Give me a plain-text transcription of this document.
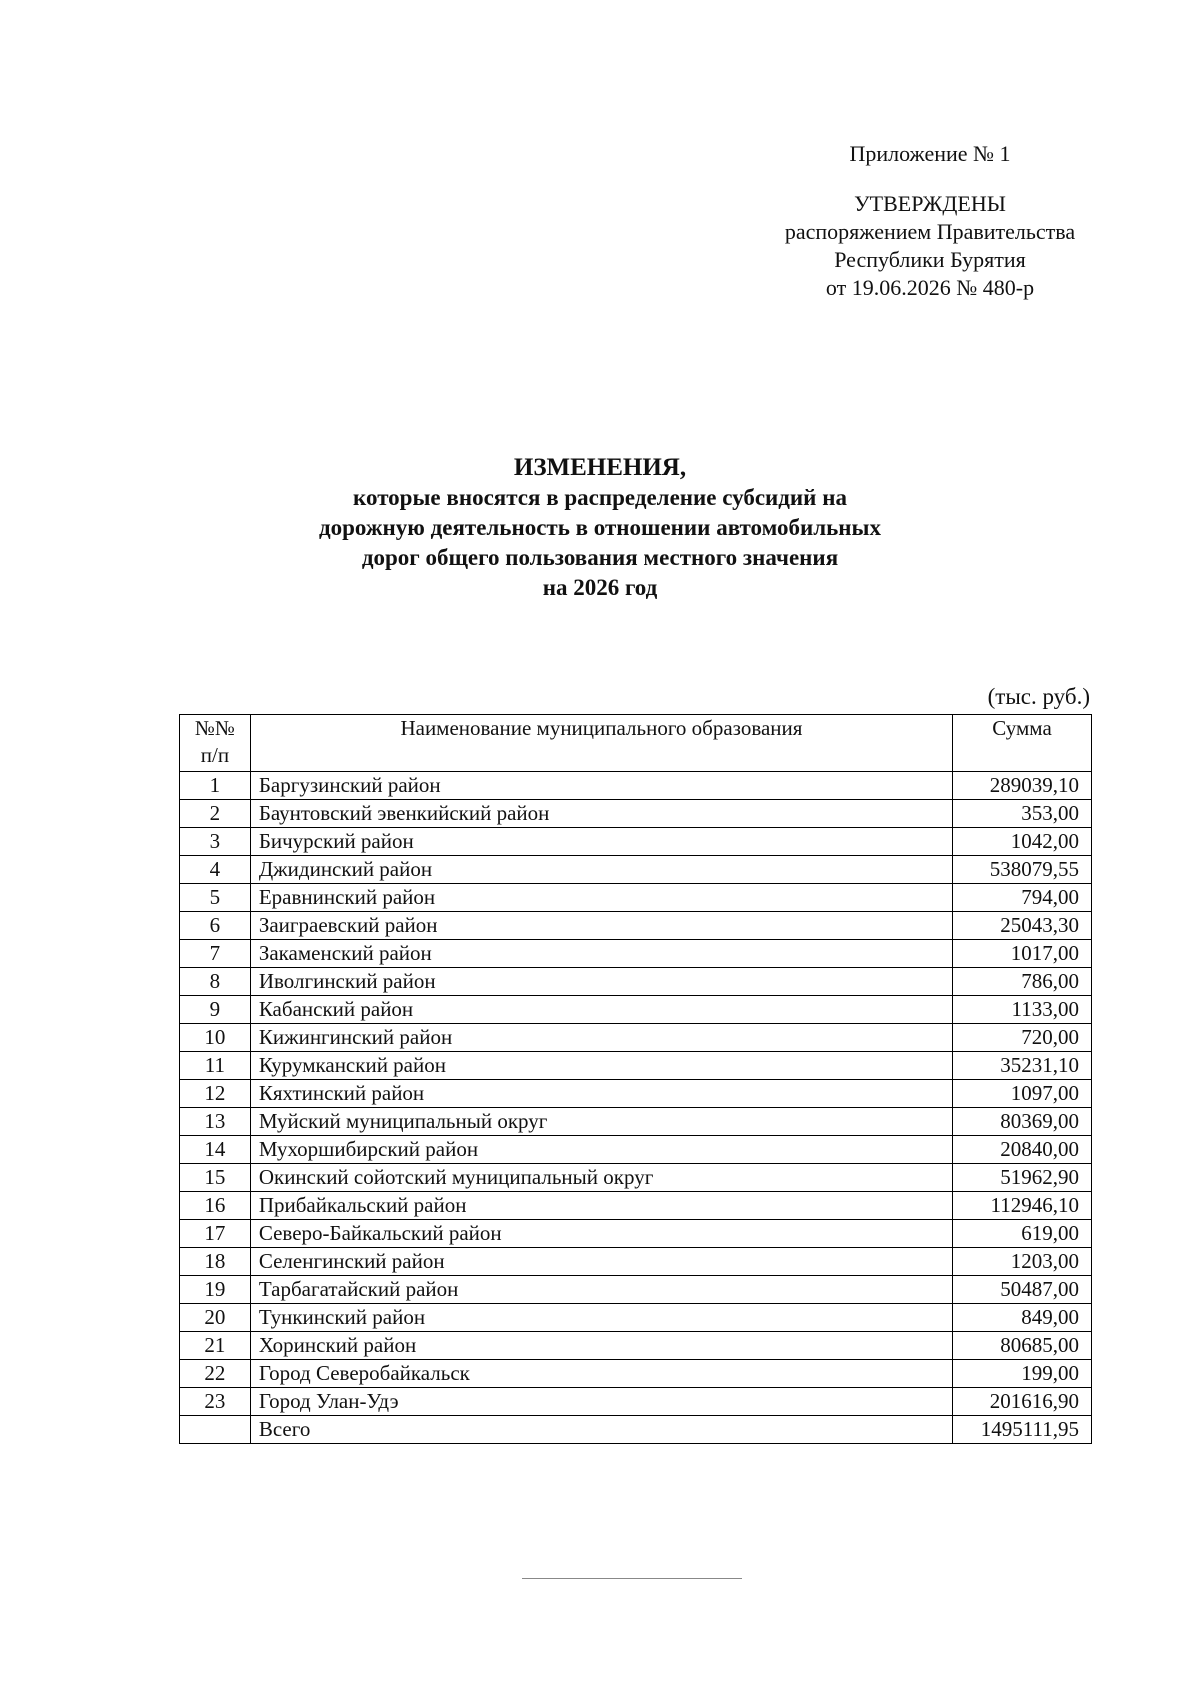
Приложение № 1
УТВЕРЖДЕНЫ
распоряжением Правительства
Республики Бурятия
от 19.06.2026 № 480-р
ИЗМЕНЕНИЯ,
которые вносятся в распределение субсидий на
дорожную деятельность в отношении автомобильных
дорог общего пользования местного значения
на 2026 год
(тыс. руб.)
№№
п/п	Наименование муниципального образования	Сумма
1	Баргузинский район	289039,10
2	Баунтовский эвенкийский район	353,00
3	Бичурский район	1042,00
4	Джидинский район	538079,55
5	Еравнинский район	794,00
6	Заиграевский район	25043,30
7	Закаменский район	1017,00
8	Иволгинский район	786,00
9	Кабанский район	1133,00
10	Кижингинский район	720,00
11	Курумканский район	35231,10
12	Кяхтинский район	1097,00
13	Муйский муниципальный округ	80369,00
14	Мухоршибирский район	20840,00
15	Окинский сойотский муниципальный округ	51962,90
16	Прибайкальский район	112946,10
17	Северо-Байкальский район	619,00
18	Селенгинский район	1203,00
19	Тарбагатайский район	50487,00
20	Тункинский район	849,00
21	Хоринский район	80685,00
22	Город Северобайкальск	199,00
23	Город Улан-Удэ	201616,90
	Всего	1495111,95
